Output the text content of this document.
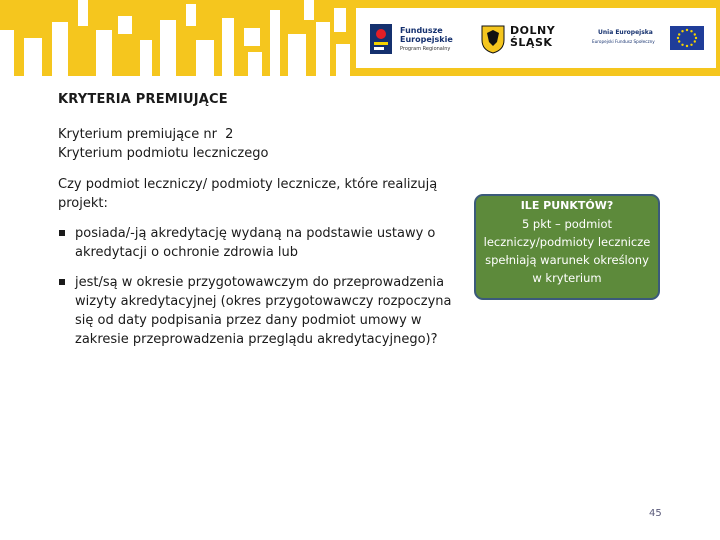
Fundusze
Europejskie
Program Regionalny
DOLNY
ŚLĄSK
Unia Europejska
Europejski Fundusz Społeczny
KRYTERIA PREMIUJĄCE
Kryterium premiujące nr  2
Kryterium podmiotu leczniczego
Czy podmiot leczniczy/ podmioty lecznicze, które realizują projekt:
posiada/-ją akredytację wydaną na podstawie ustawy o akredytacji o ochronie zdrowia lub
jest/są w okresie przygotowawczym do przeprowadzenia wizyty akredytacyjnej (okres przygotowawczy rozpoczyna się od daty podpisania przez dany podmiot umowy w zakresie przeprowadzenia przeglądu akredytacyjnego)?
ILE PUNKTÓW?
5 pkt – podmiot leczniczy/podmioty lecznicze spełniają warunek określony w kryterium
45
